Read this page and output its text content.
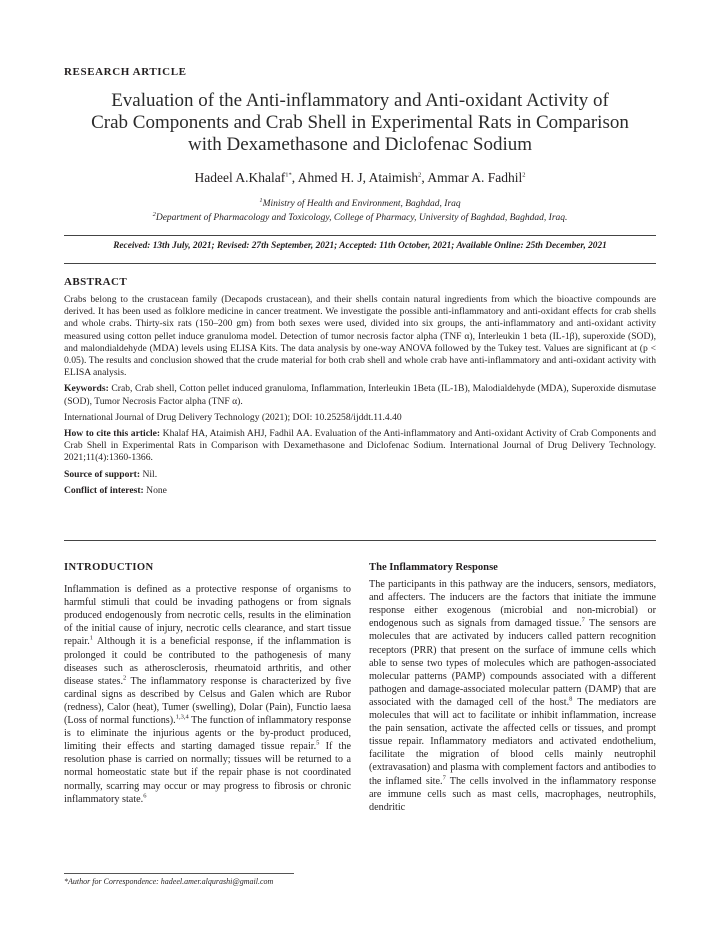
RESEARCH ARTICLE
Evaluation of the Anti-inflammatory and Anti-oxidant Activity of
Crab Components and Crab Shell in Experimental Rats in Comparison
with Dexamethasone and Diclofenac Sodium
Hadeel A.Khalaf$^{1*}$, Ahmed H. J, Ataimish$^2$, Ammar A. Fadhil$^2$
$^1$Ministry of Health and Environment, Baghdad, Iraq
$^2$Department of Pharmacology and Toxicology, College of Pharmacy, University of Baghdad, Baghdad, Iraq.
Received: 13th July, 2021; Revised: 27th September, 2021; Accepted: 11th October, 2021; Available Online: 25th December, 2021
ABSTRACT

Crabs belong to the crustacean family (Decapods crustacean), and their shells contain natural ingredients from which the bioactive compounds are derived. It has been used as folklore medicine in cancer treatment. We investigate the possible anti-inflammatory and anti-oxidant effects for crab shells and whole crabs. Thirty-six rats (150–200 gm) from both sexes were used, divided into six groups, the anti-inflammatory and anti-oxidant activity measured using cotton pellet induce granuloma model. Detection of tumor necrosis factor alpha (TNF α), Interleukin 1 beta (IL-1β), superoxide (SOD), and malondialdehyde (MDA) levels using ELISA Kits. The data analysis by one-way ANOVA followed by the Tukey test. Values are significant at (p < 0.05). The results and conclusion showed that the crude material for both crab shell and whole crab have anti-inflammatory and anti-oxidant activity with ELISA analysis.

Keywords: Crab, Crab shell, Cotton pellet induced granuloma, Inflammation, Interleukin 1Beta (IL-1B), Malodialdehyde (MDA), Superoxide dismutase (SOD), Tumor Necrosis Factor alpha (TNF α).

International Journal of Drug Delivery Technology (2021); DOI: 10.25258/ijddt.11.4.40

How to cite this article: Khalaf HA, Ataimish AHJ, Fadhil AA. Evaluation of the Anti-inflammatory and Anti-oxidant Activity of Crab Components and Crab Shell in Experimental Rats in Comparison with Dexamethasone and Diclofenac Sodium. International Journal of Drug Delivery Technology. 2021;11(4):1360-1366.

Source of support: Nil.

Conflict of interest: None

INTRODUCTION

Inflammation is defined as a protective response of organisms to harmful stimuli that could be invading pathogens or from signals produced endogenously from necrotic cells, results in the elimination of the initial cause of injury, necrotic cells clearance, and start tissue repair.$^1$ Although it is a beneficial response, if the inflammation is prolonged it could be contributed to the pathogenesis of many diseases such as atherosclerosis, rheumatoid arthritis, and other disease states.$^2$ The inflammatory response is characterized by five cardinal signs as described by Celsus and Galen which are Rubor (redness), Calor (heat), Tumer (swelling), Dolar (Pain), Functio laesa (Loss of normal functions).$^{1,3,4}$ The function of inflammatory response is to eliminate the injurious agents or the by-product produced, limiting their effects and starting damaged tissue repair.$^5$ If the resolution phase is carried on normally; tissues will be returned to a normal homeostatic state but if the repair phase is not coordinated normally, scarring may occur or may progress to fibrosis or chronic inflammatory state.$^6$

The Inflammatory Response

The participants in this pathway are the inducers, sensors, mediators, and affecters. The inducers are the factors that initiate the immune response either exogenous (microbial and non-microbial) or endogenous such as signals from damaged tissue.$^7$ The sensors are molecules that are activated by inducers called pattern recognition receptors (PRR) that present on the surface of immune cells which able to sense two types of molecules which are pathogen-associated molecular patterns (PAMP) compounds associated with a different pathogen and damage-associated molecular pattern (DAMP) that are associated with the damaged cell of the host.$^8$ The mediators are molecules that will act to facilitate or inhibit inflammation, increase the pain sensation, activate the affected cells or tissues, and prompt tissue repair. Inflammatory mediators and activated endothelium, facilitate the migration of blood cells mainly neutrophil (extravasation) and plasma with complement factors and antibodies to the inflamed site.$^7$ The cells involved in the inflammatory response are immune cells such as mast cells, macrophages, neutrophils, dendritic

*Author for Correspondence: hadeel.amer.alqurashi@gmail.com
